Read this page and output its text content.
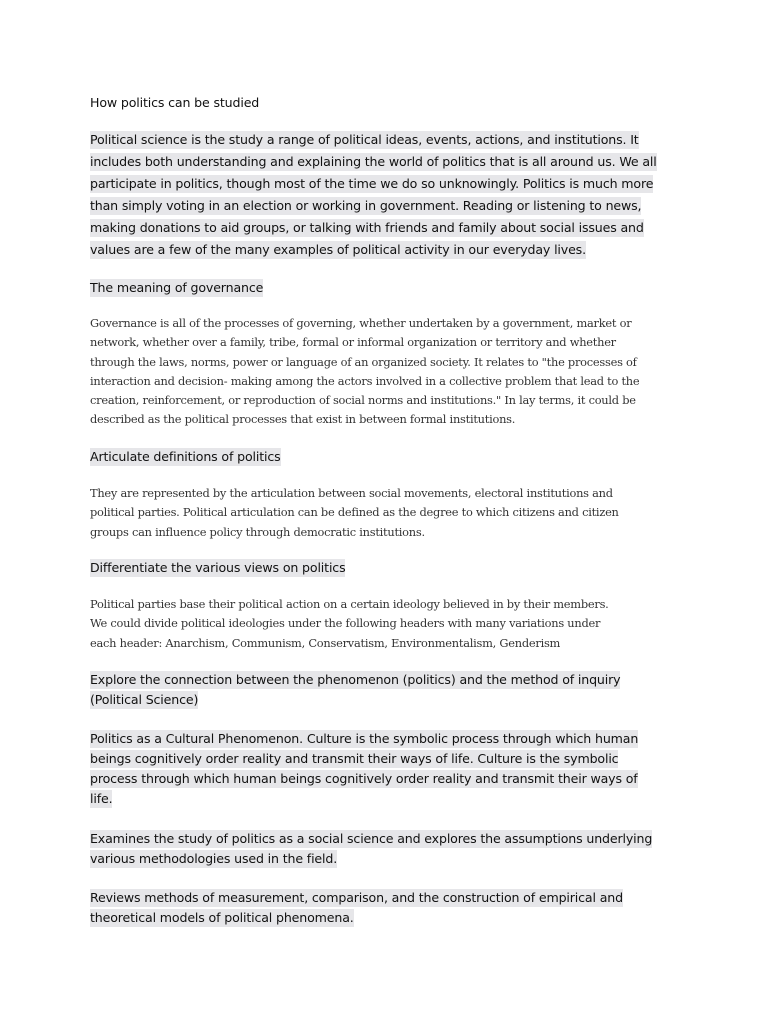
How politics can be studied

Political science is the study a range of political ideas, events, actions, and institutions. It

includes both understanding and explaining the world of politics that is all around us. We all

participate in politics, though most of the time we do so unknowingly. Politics is much more

than simply voting in an election or working in government. Reading or listening to news,

making donations to aid groups, or talking with friends and family about social issues and

values are a few of the many examples of political activity in our everyday lives.

The meaning of governance

Governance is all of the processes of governing, whether undertaken by a government, market or

network, whether over a family, tribe, formal or informal organization or territory and whether

through the laws, norms, power or language of an organized society. It relates to "the processes of

interaction and decision- making among the actors involved in a collective problem that lead to the

creation, reinforcement, or reproduction of social norms and institutions." In lay terms, it could be

described as the political processes that exist in between formal institutions.

Articulate definitions of politics

They are represented by the articulation between social movements, electoral institutions and

political parties. Political articulation can be defined as the degree to which citizens and citizen

groups can influence policy through democratic institutions.

Differentiate the various views on politics

Political parties base their political action on a certain ideology believed in by their members.

We could divide political ideologies under the following headers with many variations under

each header: Anarchism, Communism, Conservatism, Environmentalism, Genderism

Explore the connection between the phenomenon (politics) and the method of inquiry

(Political Science)

Politics as a Cultural Phenomenon. Culture is the symbolic process through which human

beings cognitively order reality and transmit their ways of life. Culture is the symbolic

process through which human beings cognitively order reality and transmit their ways of

life.

Examines the study of politics as a social science and explores the assumptions underlying

various methodologies used in the field.

Reviews methods of measurement, comparison, and the construction of empirical and

theoretical models of political phenomena.
